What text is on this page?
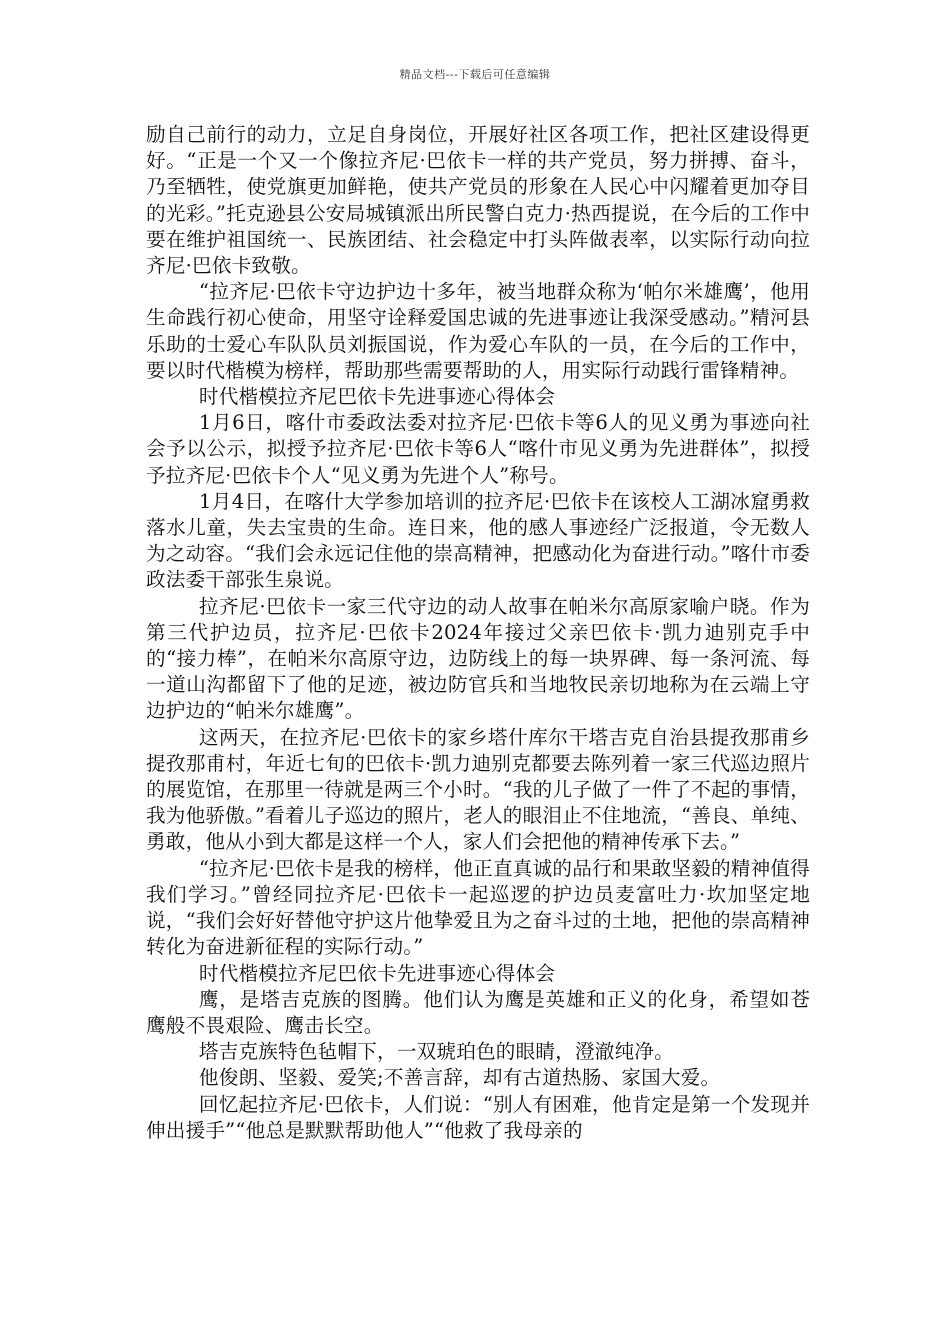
精品文档---下载后可任意编辑

励自己前行的动力，立足自身岗位，开展好社区各项工作，把社区建设得更好。“正是一个又一个像拉齐尼·巴依卡一样的共产党员，努力拼搏、奋斗，乃至牺牲，使党旗更加鲜艳，使共产党员的形象在人民心中闪耀着更加夺目的光彩。”托克逊县公安局城镇派出所民警白克力·热西提说，在今后的工作中要在维护祖国统一、民族团结、社会稳定中打头阵做表率，以实际行动向拉齐尼·巴依卡致敬。

“拉齐尼·巴依卡守边护边十多年，被当地群众称为‘帕尔米雄鹰’，他用生命践行初心使命，用坚守诠释爱国忠诚的先进事迹让我深受感动。”精河县乐助的士爱心车队队员刘振国说，作为爱心车队的一员，在今后的工作中，要以时代楷模为榜样，帮助那些需要帮助的人，用实际行动践行雷锋精神。

时代楷模拉齐尼巴依卡先进事迹心得体会

1月6日，喀什市委政法委对拉齐尼·巴依卡等6人的见义勇为事迹向社会予以公示，拟授予拉齐尼·巴依卡等6人“喀什市见义勇为先进群体”，拟授予拉齐尼·巴依卡个人“见义勇为先进个人”称号。

1月4日，在喀什大学参加培训的拉齐尼·巴依卡在该校人工湖冰窟勇救落水儿童，失去宝贵的生命。连日来，他的感人事迹经广泛报道，令无数人为之动容。“我们会永远记住他的崇高精神，把感动化为奋进行动。”喀什市委政法委干部张生泉说。

拉齐尼·巴依卡一家三代守边的动人故事在帕米尔高原家喻户晓。作为第三代护边员，拉齐尼·巴依卡2024年接过父亲巴依卡·凯力迪别克手中的“接力棒”，在帕米尔高原守边，边防线上的每一块界碑、每一条河流、每一道山沟都留下了他的足迹，被边防官兵和当地牧民亲切地称为在云端上守边护边的“帕米尔雄鹰”。

这两天，在拉齐尼·巴依卡的家乡塔什库尔干塔吉克自治县提孜那甫乡提孜那甫村，年近七旬的巴依卡·凯力迪别克都要去陈列着一家三代巡边照片的展览馆，在那里一待就是两三个小时。“我的儿子做了一件了不起的事情，我为他骄傲。”看着儿子巡边的照片，老人的眼泪止不住地流，“善良、单纯、勇敢，他从小到大都是这样一个人，家人们会把他的精神传承下去。”

“拉齐尼·巴依卡是我的榜样，他正直真诚的品行和果敢坚毅的精神值得我们学习。”曾经同拉齐尼·巴依卡一起巡逻的护边员麦富吐力·坎加坚定地说，“我们会好好替他守护这片他挚爱且为之奋斗过的土地，把他的崇高精神转化为奋进新征程的实际行动。”

时代楷模拉齐尼巴依卡先进事迹心得体会

鹰，是塔吉克族的图腾。他们认为鹰是英雄和正义的化身，希望如苍鹰般不畏艰险、鹰击长空。

塔吉克族特色毡帽下，一双琥珀色的眼睛，澄澈纯净。

他俊朗、坚毅、爱笑;不善言辞，却有古道热肠、家国大爱。

回忆起拉齐尼·巴依卡，人们说：“别人有困难，他肯定是第一个发现并伸出援手”“他总是默默帮助他人”“他救了我母亲的
